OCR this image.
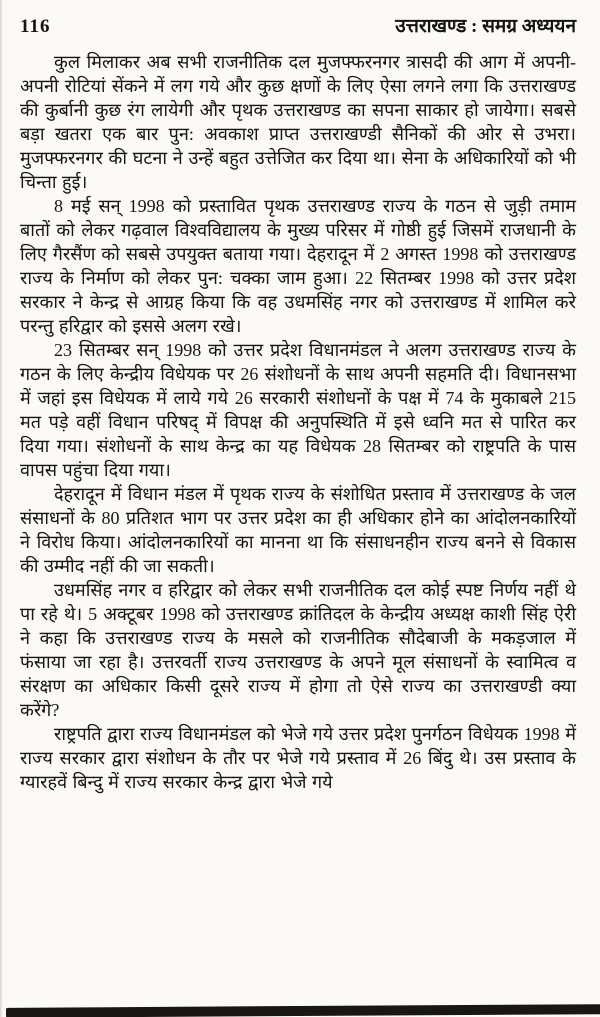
116	उत्तराखण्ड : समग्र अध्ययन

कुल मिलाकर अब सभी राजनीतिक दल मुजफ्फरनगर त्रासदी की आग में अपनी-अपनी रोटियां सेंकने में लग गये और कुछ क्षणों के लिए ऐसा लगने लगा कि उत्तराखण्ड की कुर्बानी कुछ रंग लायेगी और पृथक उत्तराखण्ड का सपना साकार हो जायेगा। सबसे बड़ा खतरा एक बार पुन: अवकाश प्राप्त उत्तराखण्डी सैनिकों की ओर से उभरा। मुजफ्फरनगर की घटना ने उन्हें बहुत उत्तेजित कर दिया था। सेना के अधिकारियों को भी चिन्ता हुई।

8 मई सन् 1998 को प्रस्तावित पृथक उत्तराखण्ड राज्य के गठन से जुड़ी तमाम बातों को लेकर गढ़वाल विश्वविद्यालय के मुख्य परिसर में गोष्ठी हुई जिसमें राजधानी के लिए गैरसैंण को सबसे उपयुक्त बताया गया। देहरादून में 2 अगस्त 1998 को उत्तराखण्ड राज्य के निर्माण को लेकर पुन: चक्का जाम हुआ। 22 सितम्बर 1998 को उत्तर प्रदेश सरकार ने केन्द्र से आग्रह किया कि वह उधमसिंह नगर को उत्तराखण्ड में शामिल करे परन्तु हरिद्वार को इससे अलग रखे।

23 सितम्बर सन् 1998 को उत्तर प्रदेश विधानमंडल ने अलग उत्तराखण्ड राज्य के गठन के लिए केन्द्रीय विधेयक पर 26 संशोधनों के साथ अपनी सहमति दी। विधानसभा में जहां इस विधेयक में लाये गये 26 सरकारी संशोधनों के पक्ष में 74 के मुकाबले 215 मत पड़े वहीं विधान परिषद् में विपक्ष की अनुपस्थिति में इसे ध्वनि मत से पारित कर दिया गया। संशोधनों के साथ केन्द्र का यह विधेयक 28 सितम्बर को राष्ट्रपति के पास वापस पहुंचा दिया गया।

देहरादून में विधान मंडल में पृथक राज्य के संशोधित प्रस्ताव में उत्तराखण्ड के जल संसाधनों के 80 प्रतिशत भाग पर उत्तर प्रदेश का ही अधिकार होने का आंदोलनकारियों ने विरोध किया। आंदोलनकारियों का मानना था कि संसाधनहीन राज्य बनने से विकास की उम्मीद नहीं की जा सकती।

उधमसिंह नगर व हरिद्वार को लेकर सभी राजनीतिक दल कोई स्पष्ट निर्णय नहीं थे पा रहे थे। 5 अक्टूबर 1998 को उत्तराखण्ड क्रांतिदल के केन्द्रीय अध्यक्ष काशी सिंह ऐरी ने कहा कि उत्तराखण्ड राज्य के मसले को राजनीतिक सौदेबाजी के मकड़जाल में फंसाया जा रहा है। उत्तरवर्ती राज्य उत्तराखण्ड के अपने मूल संसाधनों के स्वामित्व व संरक्षण का अधिकार किसी दूसरे राज्य में होगा तो ऐसे राज्य का उत्तराखण्डी क्या करेंगे?

राष्ट्रपति द्वारा राज्य विधानमंडल को भेजे गये उत्तर प्रदेश पुनर्गठन विधेयक 1998 में राज्य सरकार द्वारा संशोधन के तौर पर भेजे गये प्रस्ताव में 26 बिंदु थे। उस प्रस्ताव के ग्यारहवें बिन्दु में राज्य सरकार केन्द्र द्वारा भेजे गये
